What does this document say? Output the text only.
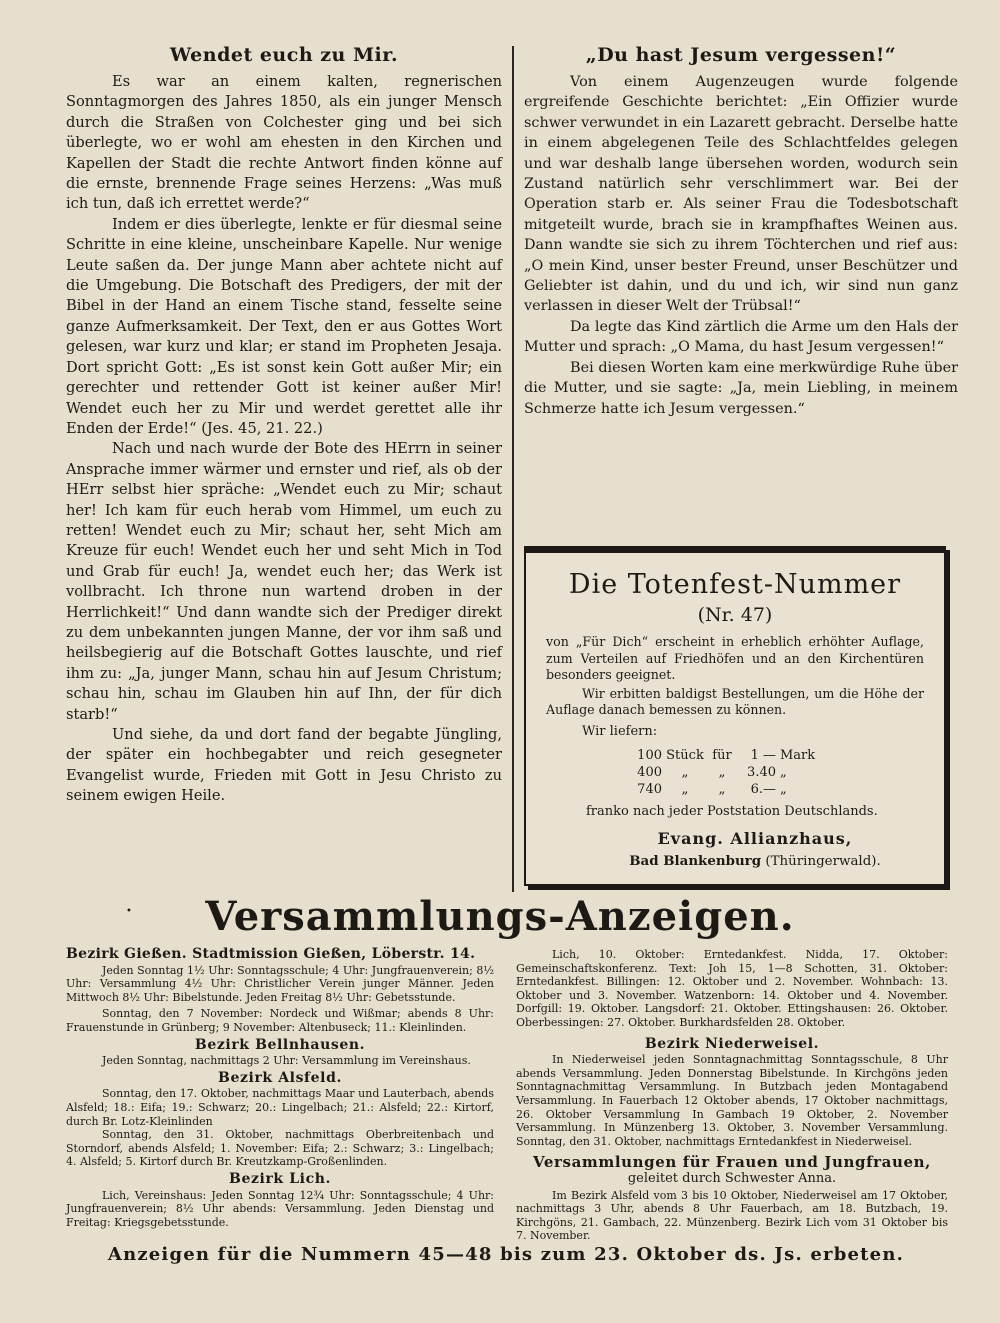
Wendet euch zu Mir.

Es war an einem kalten, regnerischen Sonntagmorgen des Jahres 1850, als ein junger Mensch durch die Straßen von Colchester ging und bei sich überlegte, wo er wohl am ehesten in den Kirchen und Kapellen der Stadt die rechte Antwort finden könne auf die ernste, brennende Frage seines Herzens: „Was muß ich tun, daß ich errettet werde?“

Indem er dies überlegte, lenkte er für diesmal seine Schritte in eine kleine, unscheinbare Kapelle. Nur wenige Leute saßen da. Der junge Mann aber achtete nicht auf die Umgebung. Die Botschaft des Predigers, der mit der Bibel in der Hand an einem Tische stand, fesselte seine ganze Aufmerksamkeit. Der Text, den er aus Gottes Wort gelesen, war kurz und klar; er stand im Propheten Jesaja. Dort spricht Gott: „Es ist sonst kein Gott außer Mir; ein gerechter und rettender Gott ist keiner außer Mir! Wendet euch her zu Mir und werdet gerettet alle ihr Enden der Erde!“ (Jes. 45, 21. 22.)

Nach und nach wurde der Bote des HErrn in seiner Ansprache immer wärmer und ernster und rief, als ob der HErr selbst hier spräche: „Wendet euch zu Mir; schaut her! Ich kam für euch herab vom Himmel, um euch zu retten! Wendet euch zu Mir; schaut her, seht Mich am Kreuze für euch! Wendet euch her und seht Mich in Tod und Grab für euch! Ja, wendet euch her; das Werk ist vollbracht. Ich throne nun wartend droben in der Herrlichkeit!“ Und dann wandte sich der Prediger direkt zu dem unbekannten jungen Manne, der vor ihm saß und heilsbegierig auf die Botschaft Gottes lauschte, und rief ihm zu: „Ja, junger Mann, schau hin auf Jesum Christum; schau hin, schau im Glauben hin auf Ihn, der für dich starb!“

Und siehe, da und dort fand der begabte Jüngling, der später ein hochbegabter und reich gesegneter Evangelist wurde, Frieden mit Gott in Jesu Christo zu seinem ewigen Heile.

„Du hast Jesum vergessen!“

Von einem Augenzeugen wurde folgende ergreifende Geschichte berichtet: „Ein Offizier wurde schwer verwundet in ein Lazarett gebracht. Derselbe hatte in einem abgelegenen Teile des Schlachtfeldes gelegen und war deshalb lange übersehen worden, wodurch sein Zustand natürlich sehr verschlimmert war. Bei der Operation starb er. Als seiner Frau die Todesbotschaft mitgeteilt wurde, brach sie in krampfhaftes Weinen aus. Dann wandte sie sich zu ihrem Töchterchen und rief aus: „O mein Kind, unser bester Freund, unser Beschützer und Geliebter ist dahin, und du und ich, wir sind nun ganz verlassen in dieser Welt der Trübsal!“

Da legte das Kind zärtlich die Arme um den Hals der Mutter und sprach: „O Mama, du hast Jesum vergessen!“

Bei diesen Worten kam eine merkwürdige Ruhe über die Mutter, und sie sagte: „Ja, mein Liebling, in meinem Schmerze hatte ich Jesum vergessen.“

Die Totenfest-Nummer
(Nr. 47)

von „Für Dich“ erscheint in erheblich erhöhter Auflage, zum Verteilen auf Friedhöfen und an den Kirchentüren besonders geeignet.

Wir erbitten baldigst Bestellungen, um die Höhe der Auflage danach bemessen zu können.

Wir liefern:

100 Stück für	1 — Mark
400	„	„	3.40 „
740	„	„	6.— „
franko nach jeder Poststation Deutschlands.
Evang. Allianzhaus,
Bad Blankenburg (Thüringerwald).
•	Versammlungs-Anzeigen.

Bezirk Gießen. Stadtmission Gießen, Löberstr. 14.

Jeden Sonntag 1½ Uhr: Sonntagsschule; 4 Uhr: Jungfrauenverein; 8½ Uhr: Versammlung 4½ Uhr: Christlicher Verein junger Männer. Jeden Mittwoch 8½ Uhr: Bibelstunde. Jeden Freitag 8½ Uhr: Gebetsstunde.

Sonntag, den 7 November: Nordeck und Wißmar; abends 8 Uhr: Frauenstunde in Grünberg; 9 November: Altenbuseck; 11.: Kleinlinden.

Bezirk Bellnhausen.

Jeden Sonntag, nachmittags 2 Uhr: Versammlung im Vereinshaus.

Bezirk Alsfeld.

Sonntag, den 17. Oktober, nachmittags Maar und Lauterbach, abends Alsfeld; 18.: Eifa; 19.: Schwarz; 20.: Lingelbach; 21.: Alsfeld; 22.: Kirtorf, durch Br. Lotz-Kleinlinden

Sonntag, den 31. Oktober, nachmittags Oberbreitenbach und Storndorf, abends Alsfeld; 1. November: Eifa; 2.: Schwarz; 3.: Lingelbach; 4. Alsfeld; 5. Kirtorf durch Br. Kreutzkamp-Großenlinden.

Bezirk Lich.

Lich, Vereinshaus: Jeden Sonntag 12¾ Uhr: Sonntagsschule; 4 Uhr: Jungfrauenverein; 8½ Uhr abends: Versammlung. Jeden Dienstag und Freitag: Kriegsgebetsstunde.

Lich, 10. Oktober: Erntedankfest. Nidda, 17. Oktober: Gemeinschaftskonferenz. Text: Joh 15, 1—8 Schotten, 31. Oktober: Erntedankfest. Billingen: 12. Oktober und 2. November. Wohnbach: 13. Oktober und 3. November. Watzenborn: 14. Oktober und 4. November. Dorfgill: 19. Oktober. Langsdorf: 21. Oktober. Ettingshausen: 26. Oktober. Oberbessingen: 27. Oktober. Burkhardsfelden 28. Oktober.

Bezirk Niederweisel.

In Niederweisel jeden Sonntagnachmittag Sonntagsschule, 8 Uhr abends Versammlung. Jeden Donnerstag Bibelstunde. In Kirchgöns jeden Sonntagnachmittag Versammlung. In Butzbach jeden Montagabend Versammlung. In Fauerbach 12 Oktober abends, 17 Oktober nachmittags, 26. Oktober Versammlung In Gambach 19 Oktober, 2. November Versammlung. In Münzenberg 13. Oktober, 3. November Versammlung. Sonntag, den 31. Oktober, nachmittags Erntedankfest in Niederweisel.

Versammlungen für Frauen und Jungfrauen,
geleitet durch Schwester Anna.

Im Bezirk Alsfeld vom 3 bis 10 Oktober, Niederweisel am 17 Oktober, nachmittags 3 Uhr, abends 8 Uhr Fauerbach, am 18. Butzbach, 19. Kirchgöns, 21. Gambach, 22. Münzenberg. Bezirk Lich vom 31 Oktober bis 7. November.

Anzeigen für die Nummern 45—48 bis zum 23. Oktober ds. Js. erbeten.
